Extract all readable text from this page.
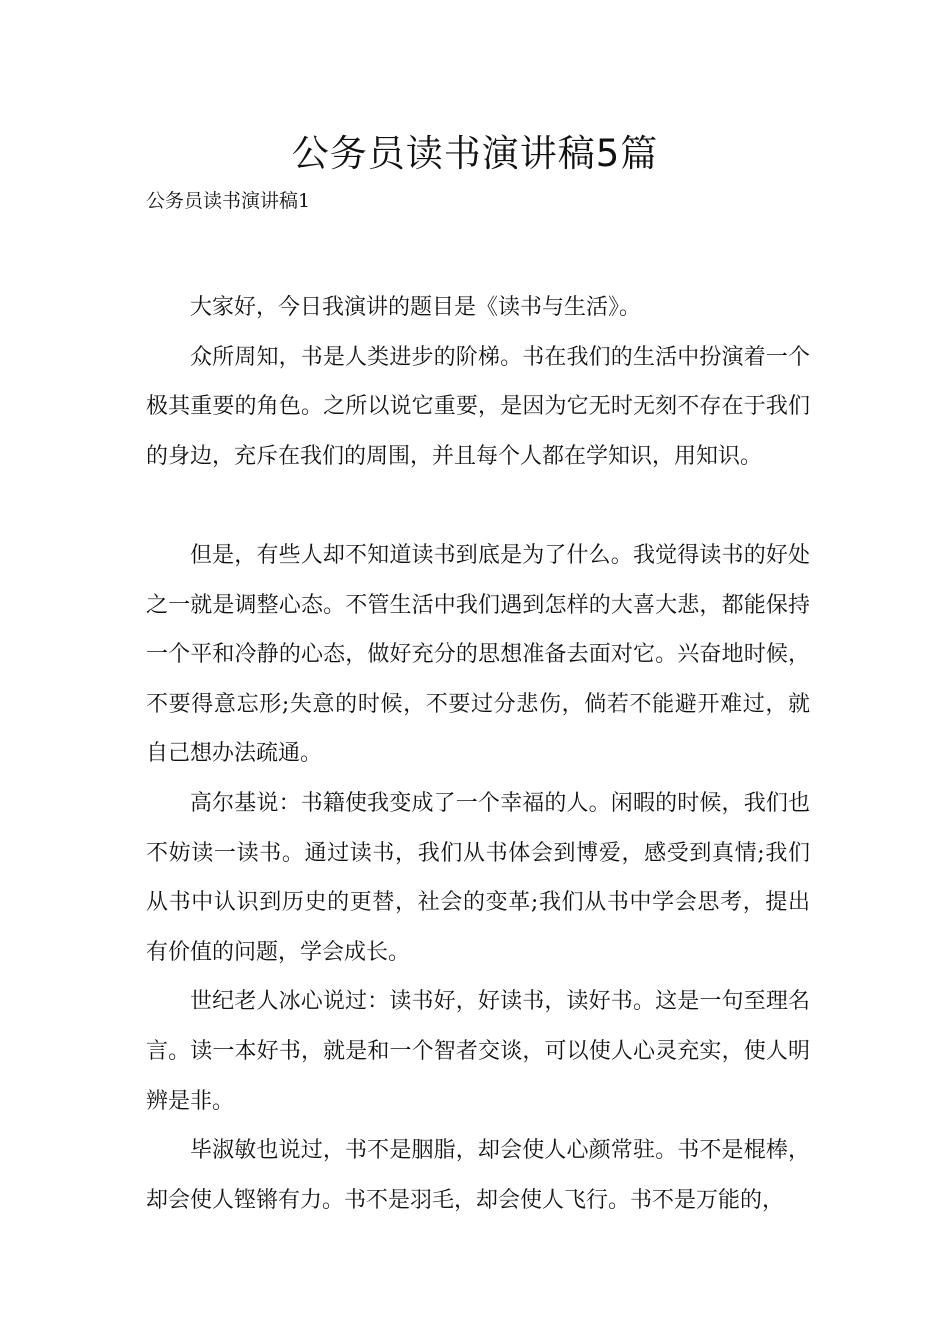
公务员读书演讲稿5篇

公务员读书演讲稿1

大家好，今日我演讲的题目是《读书与生活》。

众所周知，书是人类进步的阶梯。书在我们的生活中扮演着一个极其重要的角色。之所以说它重要，是因为它无时无刻不存在于我们的身边，充斥在我们的周围，并且每个人都在学知识，用知识。

但是，有些人却不知道读书到底是为了什么。我觉得读书的好处之一就是调整心态。不管生活中我们遇到怎样的大喜大悲，都能保持一个平和冷静的心态，做好充分的思想准备去面对它。兴奋地时候，不要得意忘形;失意的时候，不要过分悲伤，倘若不能避开难过，就自己想办法疏通。

高尔基说：书籍使我变成了一个幸福的人。闲暇的时候，我们也不妨读一读书。通过读书，我们从书体会到博爱，感受到真情;我们从书中认识到历史的更替，社会的变革;我们从书中学会思考，提出有价值的问题，学会成长。

世纪老人冰心说过：读书好，好读书，读好书。这是一句至理名言。读一本好书，就是和一个智者交谈，可以使人心灵充实，使人明辨是非。

毕淑敏也说过，书不是胭脂，却会使人心颜常驻。书不是棍棒，却会使人铿锵有力。书不是羽毛，却会使人飞行。书不是万能的，
